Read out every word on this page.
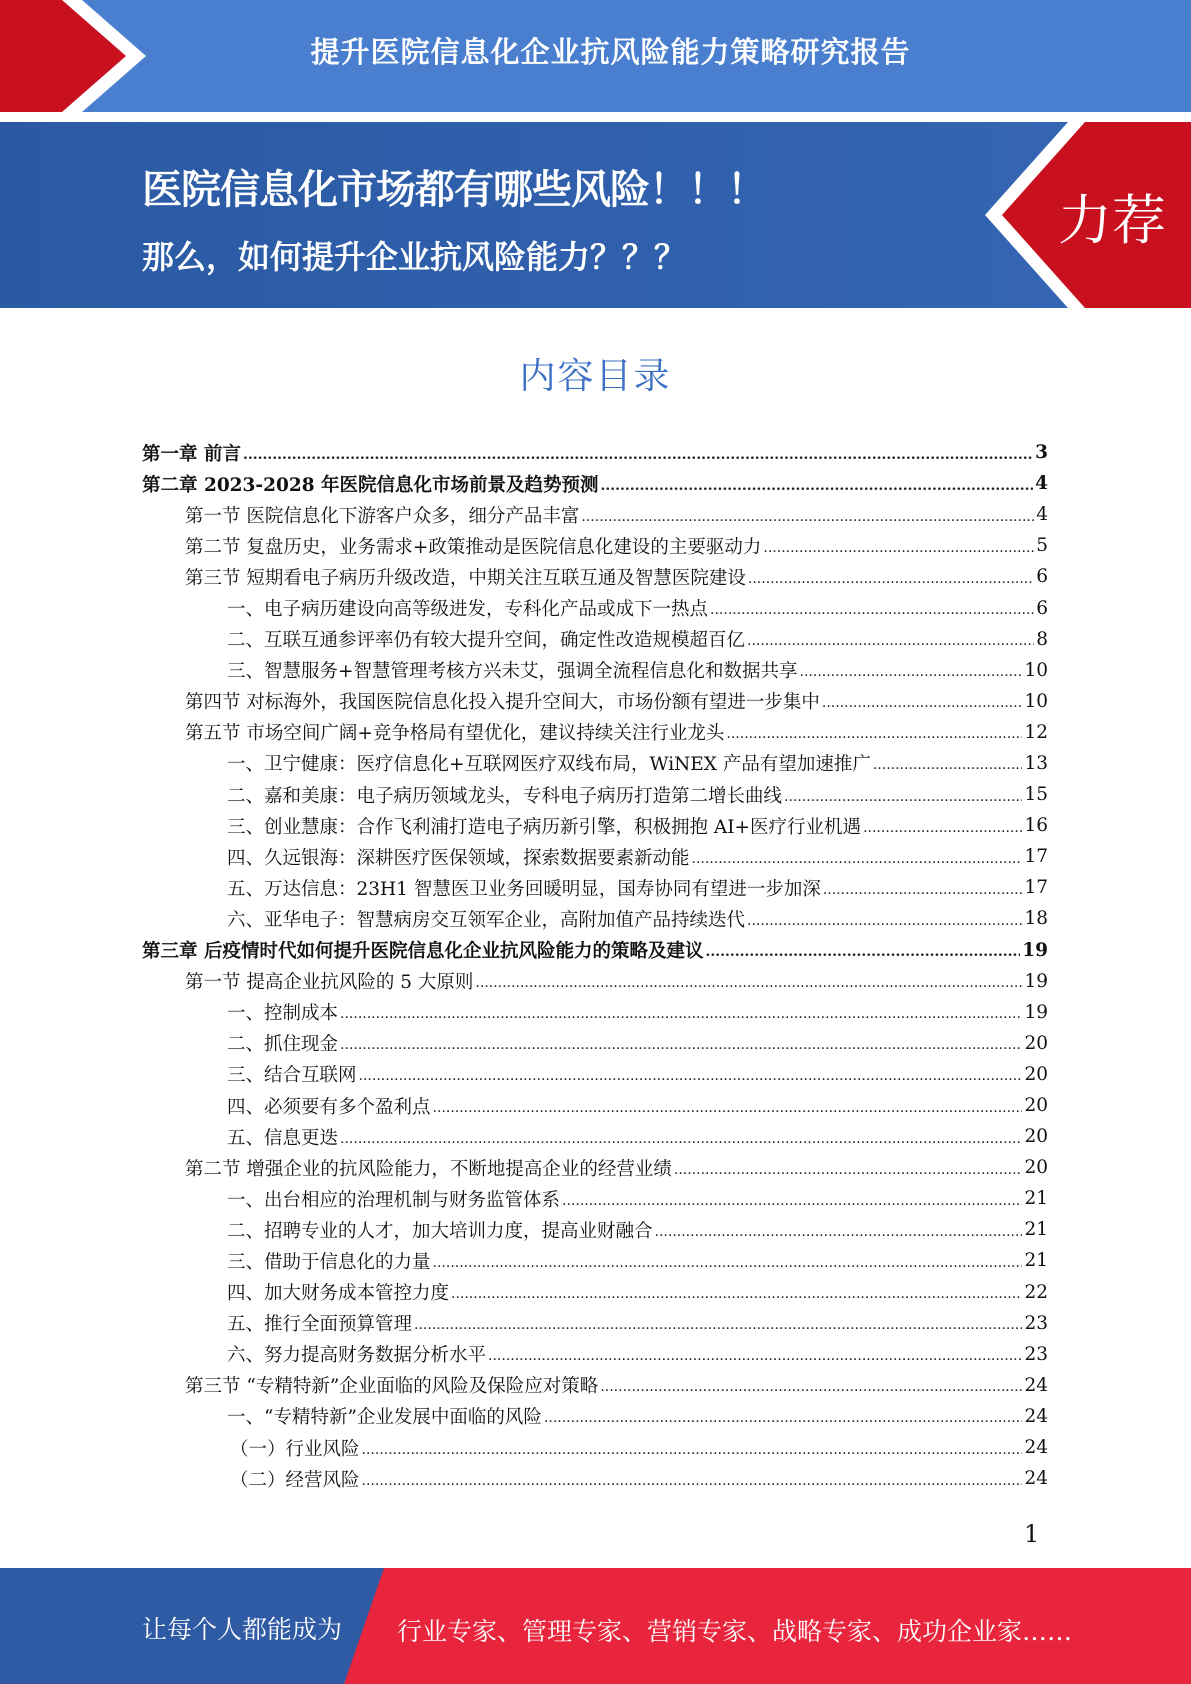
提升医院信息化企业抗风险能力策略研究报告
医院信息化市场都有哪些风险！！！
那么，如何提升企业抗风险能力？？？
力荐
内容目录
第一章 前言 .....	3
第二章 2023-2028 年医院信息化市场前景及趋势预测 .....	4
第一节 医院信息化下游客户众多，细分产品丰富 .....	4
第二节 复盘历史，业务需求+政策推动是医院信息化建设的主要驱动力 .....	5
第三节 短期看电子病历升级改造，中期关注互联互通及智慧医院建设 .....	6
一、电子病历建设向高等级进发，专科化产品或成下一热点 .....	6
二、互联互通参评率仍有较大提升空间，确定性改造规模超百亿 .....	8
三、智慧服务+智慧管理考核方兴未艾，强调全流程信息化和数据共享 .....	10
第四节 对标海外，我国医院信息化投入提升空间大，市场份额有望进一步集中 .....	10
第五节 市场空间广阔+竞争格局有望优化，建议持续关注行业龙头 .....	12
一、卫宁健康：医疗信息化+互联网医疗双线布局，WiNEX 产品有望加速推广 .....	13
二、嘉和美康：电子病历领域龙头，专科电子病历打造第二增长曲线 .....	15
三、创业慧康：合作飞利浦打造电子病历新引擎，积极拥抱 AI+医疗行业机遇 .....	16
四、久远银海：深耕医疗医保领域，探索数据要素新动能 .....	17
五、万达信息：23H1 智慧医卫业务回暖明显，国寿协同有望进一步加深 .....	17
六、亚华电子：智慧病房交互领军企业，高附加值产品持续迭代 .....	18
第三章 后疫情时代如何提升医院信息化企业抗风险能力的策略及建议 .....	19
第一节 提高企业抗风险的 5 大原则 .....	19
一、控制成本 .....	19
二、抓住现金 .....	20
三、结合互联网 .....	20
四、必须要有多个盈利点 .....	20
五、信息更迭 .....	20
第二节 增强企业的抗风险能力，不断地提高企业的经营业绩 .....	20
一、出台相应的治理机制与财务监管体系 .....	21
二、招聘专业的人才，加大培训力度，提高业财融合 .....	21
三、借助于信息化的力量 .....	21
四、加大财务成本管控力度 .....	22
五、推行全面预算管理 .....	23
六、努力提高财务数据分析水平 .....	23
第三节 “专精特新”企业面临的风险及保险应对策略 .....	24
一、“专精特新”企业发展中面临的风险 .....	24
（一）行业风险 .....	24
（二）经营风险 .....	24
1
让每个人都能成为 行业专家、管理专家、营销专家、战略专家、成功企业家……
